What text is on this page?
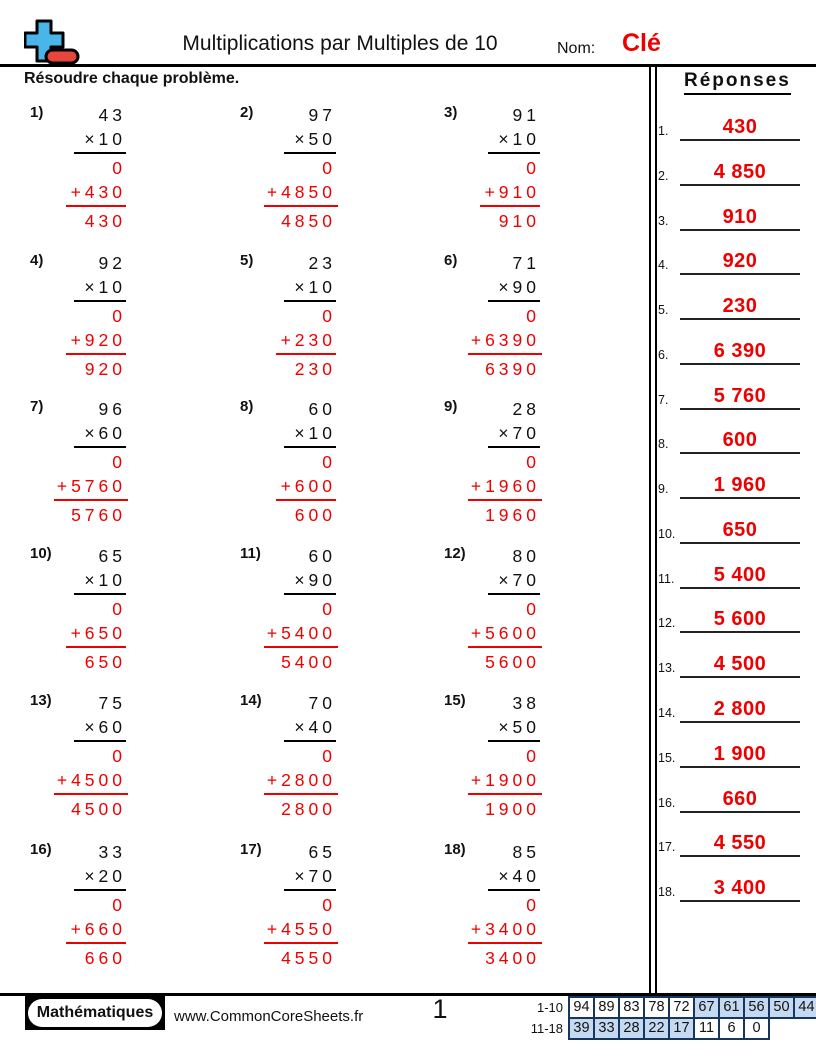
Multiplications par Multiples de 10	Nom: Clé
Résoudre chaque problème.	Réponses
1)	43
×10
0
+430
430
2)	97
×50
0
+4850
4850
3)	91
×10
0
+910
910
4)	92
×10
0
+920
920
5)	23
×10
0
+230
230
6)	71
×90
0
+6390
6390
7)	96
×60
0
+5760
5760
8)	60
×10
0
+600
600
9)	28
×70
0
+1960
1960
10)	65
×10
0
+650
650
11)	60
×90
0
+5400
5400
12)	80
×70
0
+5600
5600
13)	75
×60
0
+4500
4500
14)	70
×40
0
+2800
2800
15)	38
×50
0
+1900
1900
16)	33
×20
0
+660
660
17)	65
×70
0
+4550
4550
18)	85
×40
0
+3400
3400
1.	430
2.	4 850
3.	910
4.	920
5.	230
6.	6 390
7.	5 760
8.	600
9.	1 960
10.	650
11.	5 400
12.	5 600
13.	4 500
14.	2 800
15.	1 900
16.	660
17.	4 550
18.	3 400
Mathématiques	www.CommonCoreSheets.fr	1	1-10 94 89 83 78 72 67 61 56 50 44
11-18 39 33 28 22 17 11 6	0
